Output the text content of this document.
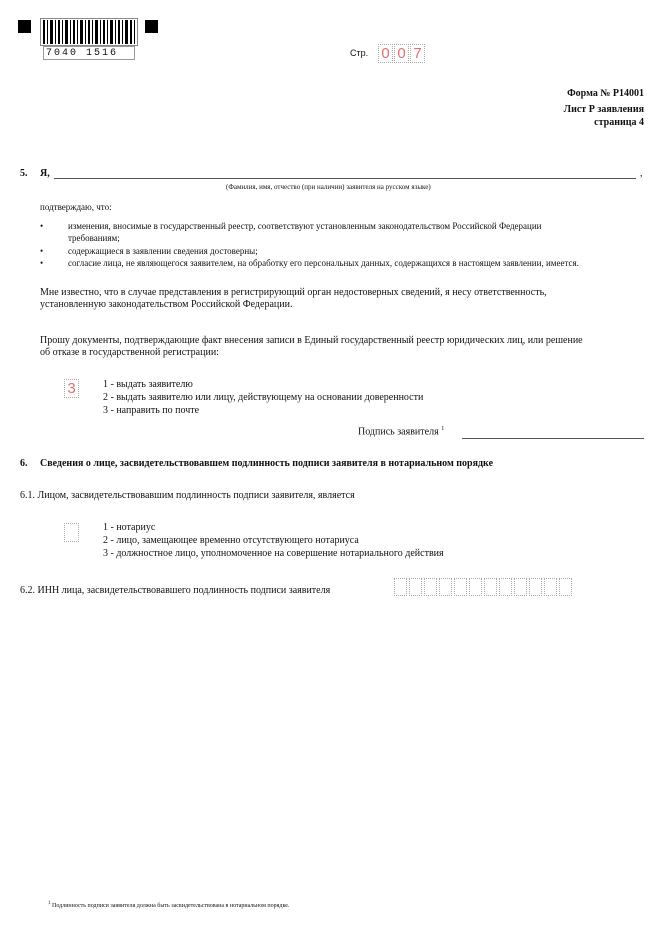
7040 1516	Стр. 0 0 7
Форма № Р14001
Лист Р заявления
страница 4
5. Я,	,
(Фамилия, имя, отчество (при наличии) заявителя на русском языке)
подтверждаю, что:
•	изменения, вносимые в государственный реестр, соответствуют установленным законодательством Российской Федерации
требованиям;
•	содержащиеся в заявлении сведения достоверны;
•	согласие лица, не являющегося заявителем, на обработку его персональных данных, содержащихся в настоящем заявлении, имеется.
Мне известно, что в случае представления в регистрирующий орган недостоверных сведений, я несу ответственность,
установленную законодательством Российской Федерации.
Прошу документы, подтверждающие факт внесения записи в Единый государственный реестр юридических лиц, или решение
об отказе в государственной регистрации:
3	1 - выдать заявителю
2 - выдать заявителю или лицу, действующему на основании доверенности
3 - направить по почте
Подпись заявителя $^1$
6. Сведения о лице, засвидетельствовавшем подлинность подписи заявителя в нотариальном порядке
6.1. Лицом, засвидетельствовавшим подлинность подписи заявителя, является
1 - нотариус
2 - лицо, замещающее временно отсутствующего нотариуса
3 - должностное лицо, уполномоченное на совершение нотариального действия
6.2. ИНН лица, засвидетельствовавшего подлинность подписи заявителя
$^1$ Подлинность подписи заявителя должна быть засвидетельствована в нотариальном порядке.
